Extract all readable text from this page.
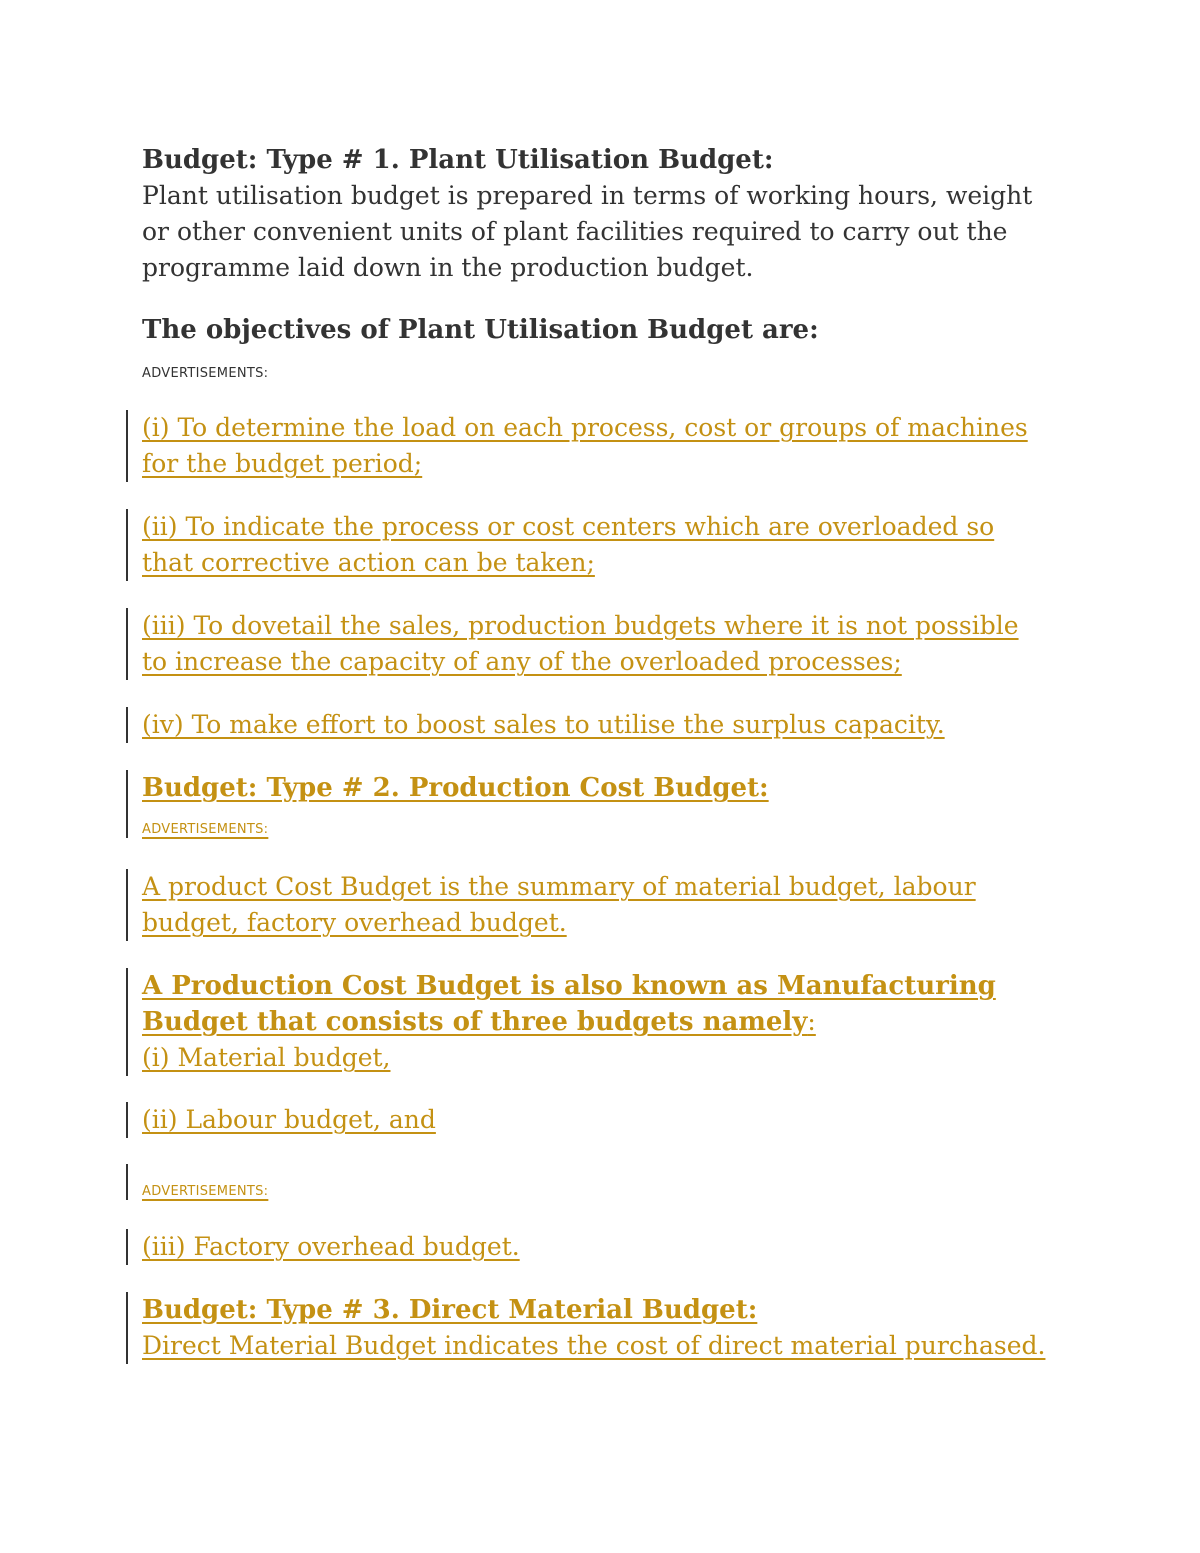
Budget: Type # 1. Plant Utilisation Budget:
Plant utilisation budget is prepared in terms of working hours, weight
or other convenient units of plant facilities required to carry out the
programme laid down in the production budget.
The objectives of Plant Utilisation Budget are:
ADVERTISEMENTS:
(i) To determine the load on each process, cost or groups of machines
for the budget period;
(ii) To indicate the process or cost centers which are overloaded so
that corrective action can be taken;
(iii) To dovetail the sales, production budgets where it is not possible
to increase the capacity of any of the overloaded processes;
(iv) To make effort to boost sales to utilise the surplus capacity.
Budget: Type # 2. Production Cost Budget:
ADVERTISEMENTS:
A product Cost Budget is the summary of material budget, labour
budget, factory overhead budget.
A Production Cost Budget is also known as Manufacturing
Budget that consists of three budgets namely:
(i) Material budget,
(ii) Labour budget, and
ADVERTISEMENTS:
(iii) Factory overhead budget.
Budget: Type # 3. Direct Material Budget:
Direct Material Budget indicates the cost of direct material purchased.
